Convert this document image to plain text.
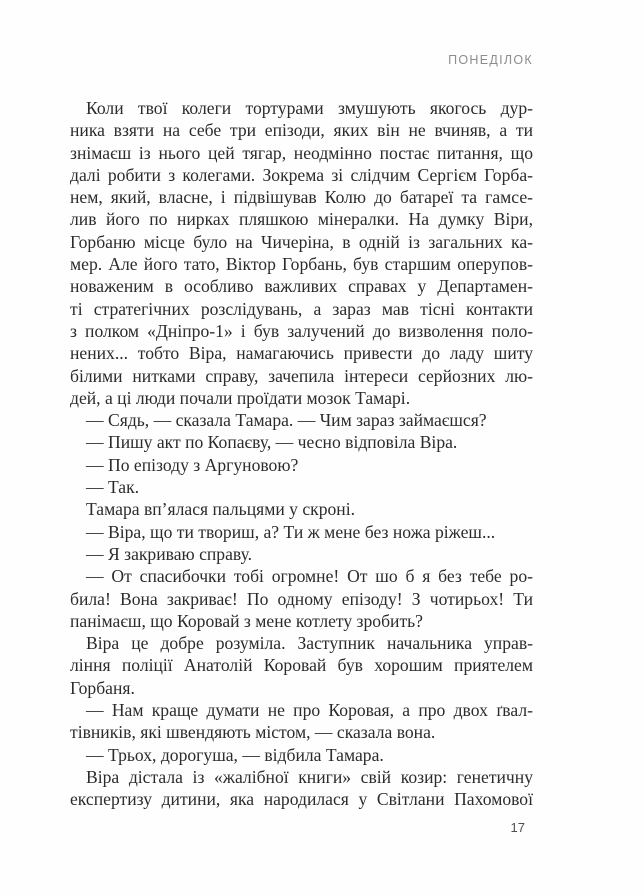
ПОНЕДІЛОК
Коли твої колеги тортурами змушують якогось дур-
ника взяти на себе три епізоди, яких він не вчиняв, а ти
знімаєш із нього цей тягар, неодмінно постає питання, що
далі робити з колегами. Зокрема зі слідчим Сергієм Горба-
нем, який, власне, і підвішував Колю до батареї та гамсе-
лив його по нирках пляшкою мінералки. На думку Віри,
Горбаню місце було на Чичеріна, в одній із загальних ка-
мер. Але його тато, Віктор Горбань, був старшим оперупов-
новаженим в особливо важливих справах у Департамен-
ті стратегічних розслідувань, а зараз мав тісні контакти
з полком «Дніпро-1» і був залучений до визволення поло-
нених... тобто Віра, намагаючись привести до ладу шиту
білими нитками справу, зачепила інтереси серйозних лю-
дей, а ці люди почали проїдати мозок Тамарі.
— Сядь, — сказала Тамара. — Чим зараз займаєшся?
— Пишу акт по Копаєву, — чесно відповіла Віра.
— По епізоду з Аргуновою?
— Так.
Тамара вп’ялася пальцями у скроні.
— Віра, що ти твориш, а? Ти ж мене без ножа ріжеш...
— Я закриваю справу.
— От спасибочки тобі огромне! От шо б я без тебе ро-
била! Вона закриває! По одному епізоду! З чотирьох! Ти
панімаєш, що Коровай з мене котлету зробить?
Віра це добре розуміла. Заступник начальника управ-
ління поліції Анатолій Коровай був хорошим приятелем
Горбаня.
— Нам краще думати не про Коровая, а про двох ґвал-
тівників, які швендяють містом, — сказала вона.
— Трьох, дорогуша, — відбила Тамара.
Віра дістала із «жалібної книги» свій козир: генетичну
експертизу дитини, яка народилася у Світлани Пахомової
17
